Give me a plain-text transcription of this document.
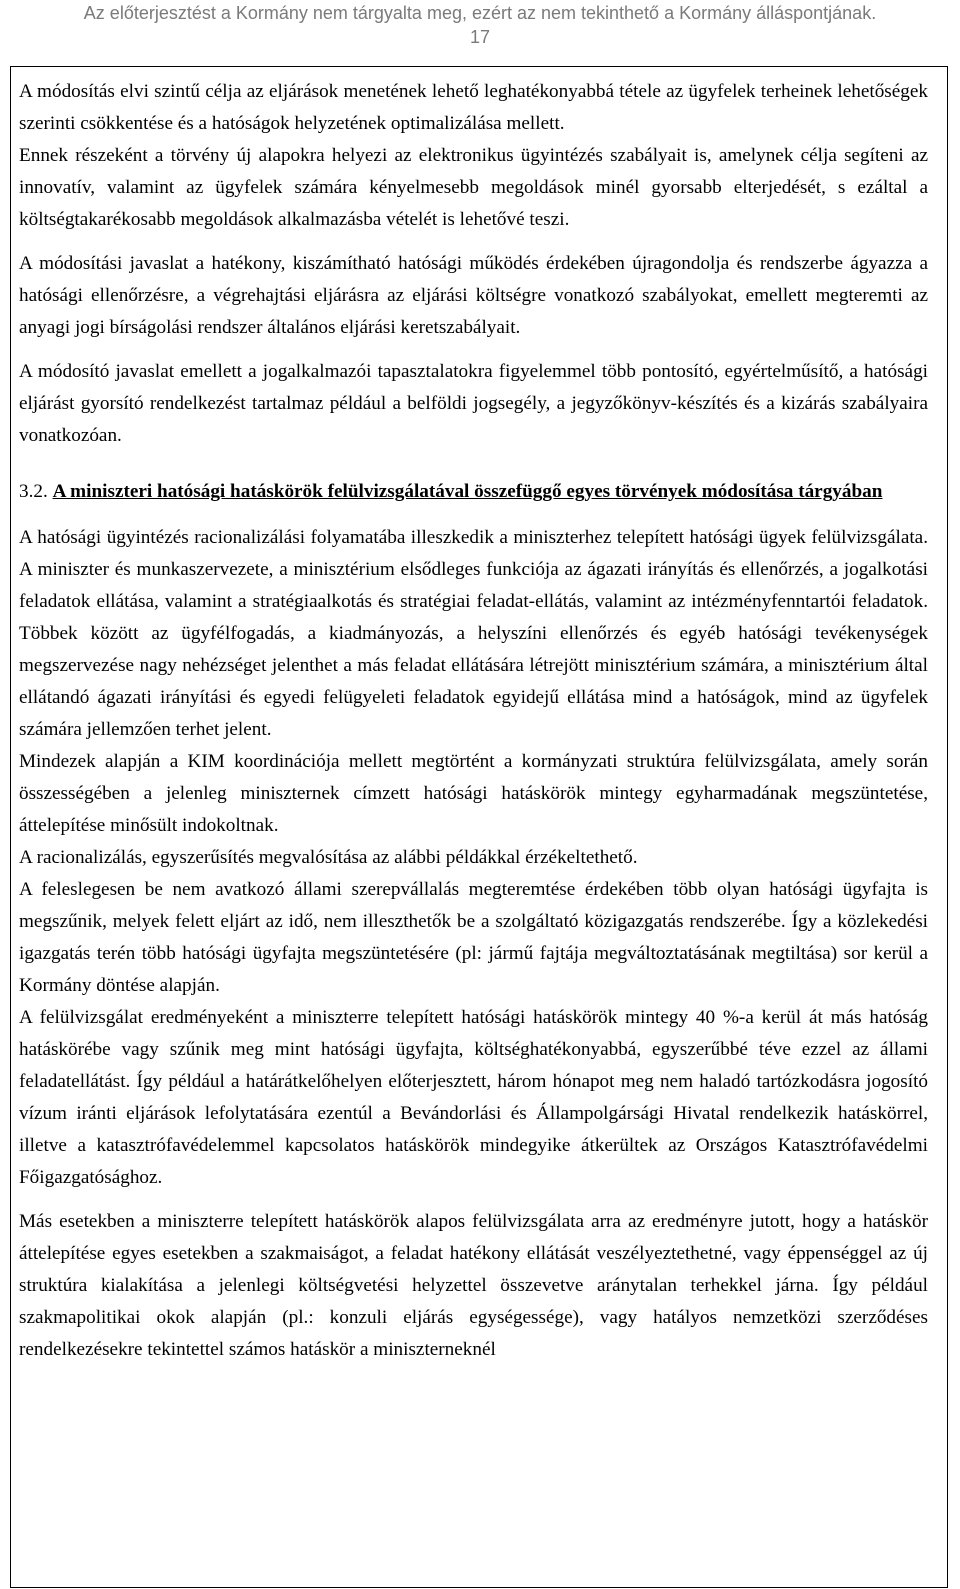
Az előterjesztést a Kormány nem tárgyalta meg, ezért az nem tekinthető a Kormány álláspontjának.
17

A módosítás elvi szintű célja az eljárások menetének lehető leghatékonyabbá tétele az ügyfelek terheinek lehetőségek szerinti csökkentése és a hatóságok helyzetének optimalizálása mellett.

Ennek részeként a törvény új alapokra helyezi az elektronikus ügyintézés szabályait is, amelynek célja segíteni az innovatív, valamint az ügyfelek számára kényelmesebb megoldások minél gyorsabb elterjedését, s ezáltal a költségtakarékosabb megoldások alkalmazásba vételét is lehetővé teszi.

A módosítási javaslat a hatékony, kiszámítható hatósági működés érdekében újragondolja és rendszerbe ágyazza a hatósági ellenőrzésre, a végrehajtási eljárásra az eljárási költségre vonatkozó szabályokat, emellett megteremti az anyagi jogi bírságolási rendszer általános eljárási keretszabályait.

A módosító javaslat emellett a jogalkalmazói tapasztalatokra figyelemmel több pontosító, egyértelműsítő, a hatósági eljárást gyorsító rendelkezést tartalmaz például a belföldi jogsegély, a jegyzőkönyv-készítés és a kizárás szabályaira vonatkozóan.

3.2. A miniszteri hatósági hatáskörök felülvizsgálatával összefüggő egyes törvények módosítása tárgyában

A hatósági ügyintézés racionalizálási folyamatába illeszkedik a miniszterhez telepített hatósági ügyek felülvizsgálata. A miniszter és munkaszervezete, a minisztérium elsődleges funkciója az ágazati irányítás és ellenőrzés, a jogalkotási feladatok ellátása, valamint a stratégiaalkotás és stratégiai feladat-ellátás, valamint az intézményfenntartói feladatok. Többek között az ügyfélfogadás, a kiadmányozás, a helyszíni ellenőrzés és egyéb hatósági tevékenységek megszervezése nagy nehézséget jelenthet a más feladat ellátására létrejött minisztérium számára, a minisztérium által ellátandó ágazati irányítási és egyedi felügyeleti feladatok egyidejű ellátása mind a hatóságok, mind az ügyfelek számára jellemzően terhet jelent.

Mindezek alapján a KIM koordinációja mellett megtörtént a kormányzati struktúra felülvizsgálata, amely során összességében a jelenleg miniszternek címzett hatósági hatáskörök mintegy egyharmadának megszüntetése, áttelepítése minősült indokoltnak.

A racionalizálás, egyszerűsítés megvalósítása az alábbi példákkal érzékeltethető.

A feleslegesen be nem avatkozó állami szerepvállalás megteremtése érdekében több olyan hatósági ügyfajta is megszűnik, melyek felett eljárt az idő, nem illeszthetők be a szolgáltató közigazgatás rendszerébe. Így a közlekedési igazgatás terén több hatósági ügyfajta megszüntetésére (pl: jármű fajtája megváltoztatásának megtiltása) sor kerül a Kormány döntése alapján.

A felülvizsgálat eredményeként a miniszterre telepített hatósági hatáskörök mintegy 40 %-a kerül át más hatóság hatáskörébe vagy szűnik meg mint hatósági ügyfajta, költséghatékonyabbá, egyszerűbbé téve ezzel az állami feladatellátást. Így például a határátkelőhelyen előterjesztett, három hónapot meg nem haladó tartózkodásra jogosító vízum iránti eljárások lefolytatására ezentúl a Bevándorlási és Állampolgársági Hivatal rendelkezik hatáskörrel, illetve a katasztrófavédelemmel kapcsolatos hatáskörök mindegyike átkerültek az Országos Katasztrófavédelmi Főigazgatósághoz.

Más esetekben a miniszterre telepített hatáskörök alapos felülvizsgálata arra az eredményre jutott, hogy a hatáskör áttelepítése egyes esetekben a szakmaiságot, a feladat hatékony ellátását veszélyeztethetné, vagy éppenséggel az új struktúra kialakítása a jelenlegi költségvetési helyzettel összevetve aránytalan terhekkel járna. Így például szakmapolitikai okok alapján (pl.: konzuli eljárás egységessége), vagy hatályos nemzetközi szerződéses rendelkezésekre tekintettel számos hatáskör a miniszterneknél
